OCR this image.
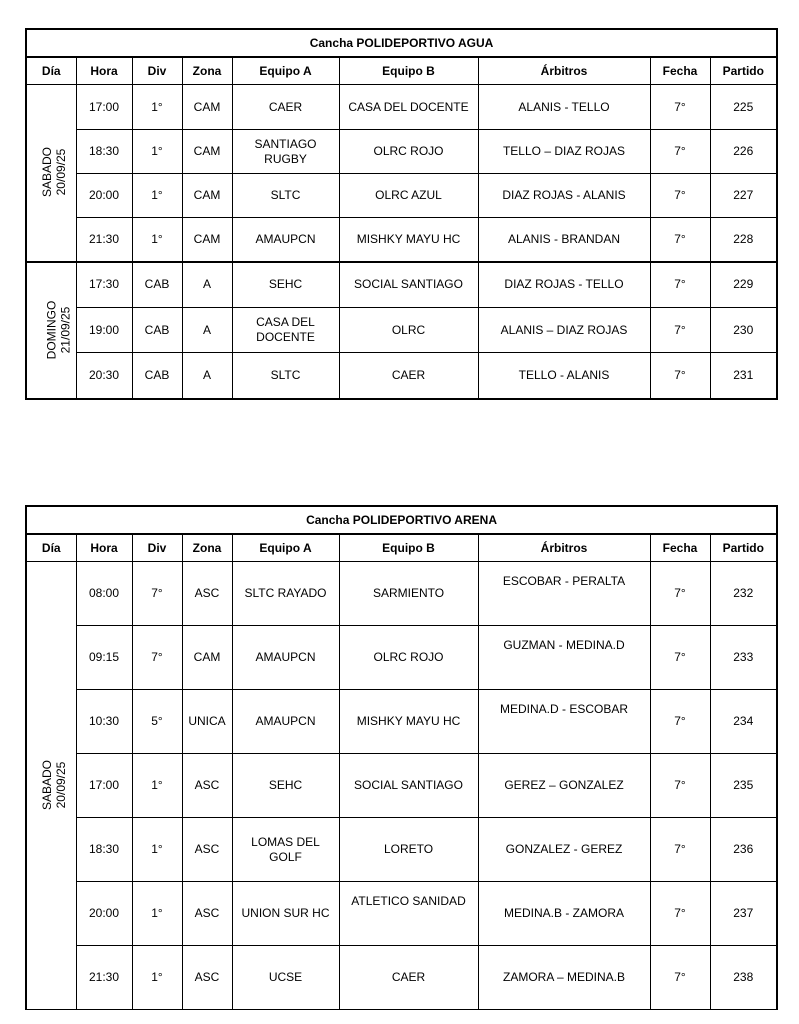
Cancha POLIDEPORTIVO AGUA								
Día	Hora	Div	Zona	Equipo A	Equipo B	Árbitros	Fecha	Partido
SABADO
20/09/25	17:00	1°	CAM	CAER	CASA DEL DOCENTE	ALANIS - TELLO	7°	225
	18:30	1°	CAM	SANTIAGO RUGBY	OLRC ROJO	TELLO – DIAZ ROJAS	7°	226
	20:00	1°	CAM	SLTC	OLRC AZUL	DIAZ ROJAS - ALANIS	7°	227
	21:30	1°	CAM	AMAUPCN	MISHKY MAYU HC	ALANIS - BRANDAN	7°	228
DOMINGO
21/09/25	17:30	CAB	A	SEHC	SOCIAL SANTIAGO	DIAZ ROJAS - TELLO	7°	229
	19:00	CAB	A	CASA DEL DOCENTE	OLRC	ALANIS – DIAZ ROJAS	7°	230
	20:30	CAB	A	SLTC	CAER	TELLO - ALANIS	7°	231
Cancha POLIDEPORTIVO ARENA								
Día	Hora	Div	Zona	Equipo A	Equipo B	Árbitros	Fecha	Partido
SABADO
20/09/25	08:00	7°	ASC	SLTC RAYADO	SARMIENTO	ESCOBAR - PERALTA	7°	232
	09:15	7°	CAM	AMAUPCN	OLRC ROJO	GUZMAN - MEDINA.D	7°	233
	10:30	5°	UNICA	AMAUPCN	MISHKY MAYU HC	MEDINA.D - ESCOBAR	7°	234
	17:00	1°	ASC	SEHC	SOCIAL SANTIAGO	GEREZ – GONZALEZ	7°	235
	18:30	1°	ASC	LOMAS DEL GOLF	LORETO	GONZALEZ - GEREZ	7°	236
	20:00	1°	ASC	UNION SUR HC	ATLETICO SANIDAD	MEDINA.B - ZAMORA	7°	237
	21:30	1°	ASC	UCSE	CAER	ZAMORA – MEDINA.B	7°	238
